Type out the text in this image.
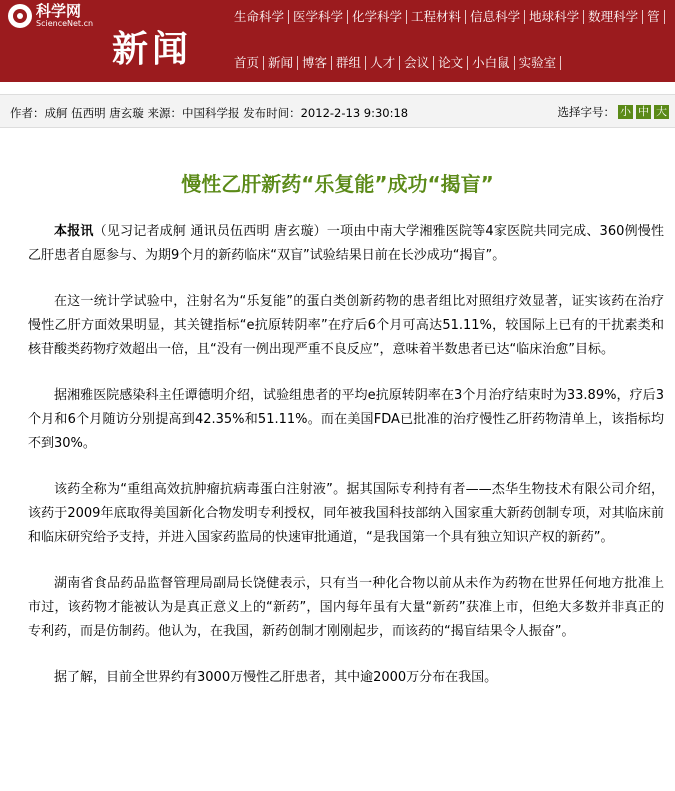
科学网
ScienceNet.cn
新闻
生命科学 医学科学 化学科学 工程材料 信息科学 地球科学 数理科学 管
首页 新闻 博客 群组 人才 会议 论文 小白鼠 实验室
作者：成舸 伍西明 唐玄璇 来源：中国科学报 发布时间：2012-2-13 9:30:18	选择字号： 小 中 大
慢性乙肝新药“乐复能”成功“揭盲”

本报讯（见习记者成舸 通讯员伍西明 唐玄璇）一项由中南大学湘雅医院等4家医院共同完成、360例慢性乙肝患者自愿参与、为期9个月的新药临床“双盲”试验结果日前在长沙成功“揭盲”。

在这一统计学试验中，注射名为“乐复能”的蛋白类创新药物的患者组比对照组疗效显著，证实该药在治疗慢性乙肝方面效果明显，其关键指标“e抗原转阴率”在疗后6个月可高达51.11%，较国际上已有的干扰素类和核苷酸类药物疗效超出一倍，且“没有一例出现严重不良反应”，意味着半数患者已达“临床治愈”目标。

据湘雅医院感染科主任谭德明介绍，试验组患者的平均e抗原转阴率在3个月治疗结束时为33.89%，疗后3个月和6个月随访分别提高到42.35%和51.11%。而在美国FDA已批准的治疗慢性乙肝药物清单上，该指标均不到30%。

该药全称为“重组高效抗肿瘤抗病毒蛋白注射液”。据其国际专利持有者——杰华生物技术有限公司介绍，该药于2009年底取得美国新化合物发明专利授权，同年被我国科技部纳入国家重大新药创制专项，对其临床前和临床研究给予支持，并进入国家药监局的快速审批通道，“是我国第一个具有独立知识产权的新药”。

湖南省食品药品监督管理局副局长饶健表示，只有当一种化合物以前从未作为药物在世界任何地方批准上市过，该药物才能被认为是真正意义上的“新药”，国内每年虽有大量“新药”获准上市，但绝大多数并非真正的专利药，而是仿制药。他认为，在我国，新药创制才刚刚起步，而该药的“揭盲结果令人振奋”。

据了解，目前全世界约有3000万慢性乙肝患者，其中逾2000万分布在我国。
